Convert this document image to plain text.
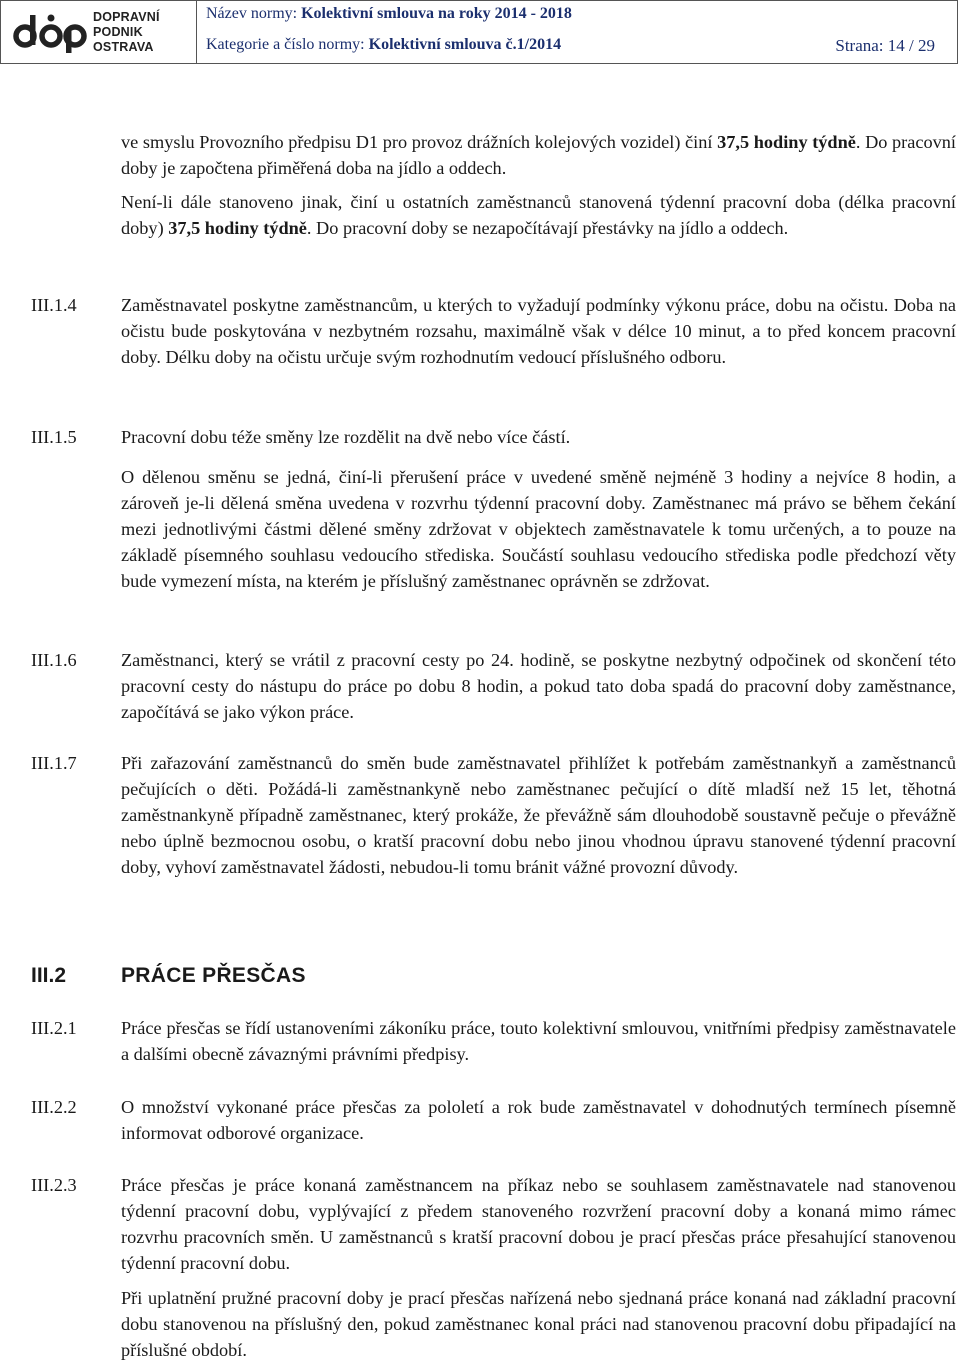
DOPRAVNÍ
PODNIK
OSTRAVA
Název normy: Kolektivní smlouva na roky 2014 - 2018
Kategorie a číslo normy: Kolektivní smlouva č.1/2014	Strana: 14 / 29

ve smyslu Provozního předpisu D1 pro provoz drážních kolejových vozidel) činí 37,5 hodiny týdně. Do pracovní doby je započtena přiměřená doba na jídlo a oddech.

Není-li dále stanoveno jinak, činí u ostatních zaměstnanců stanovená týdenní pracovní doba (délka pracovní doby) 37,5 hodiny týdně. Do pracovní doby se nezapočítávají přestávky na jídlo a oddech.

III.1.4 Zaměstnavatel poskytne zaměstnancům, u kterých to vyžadují podmínky výkonu práce, dobu na očistu. Doba na očistu bude poskytována v nezbytném rozsahu, maximálně však v délce 10 minut, a to před koncem pracovní doby. Délku doby na očistu určuje svým rozhodnutím vedoucí příslušného odboru.

III.1.5 Pracovní dobu téže směny lze rozdělit na dvě nebo více částí.

O dělenou směnu se jedná, činí-li přerušení práce v uvedené směně nejméně 3 hodiny a nejvíce 8 hodin, a zároveň je-li dělená směna uvedena v rozvrhu týdenní pracovní doby. Zaměstnanec má právo se během čekání mezi jednotlivými částmi dělené směny zdržovat v objektech zaměstnavatele k tomu určených, a to pouze na základě písemného souhlasu vedoucího střediska. Součástí souhlasu vedoucího střediska podle předchozí věty bude vymezení místa, na kterém je příslušný zaměstnanec oprávněn se zdržovat.

III.1.6 Zaměstnanci, který se vrátil z pracovní cesty po 24. hodině, se poskytne nezbytný odpočinek od skončení této pracovní cesty do nástupu do práce po dobu 8 hodin, a pokud tato doba spadá do pracovní doby zaměstnance, započítává se jako výkon práce.

III.1.7 Při zařazování zaměstnanců do směn bude zaměstnavatel přihlížet k potřebám zaměstnankyň a zaměstnanců pečujících o děti. Požádá-li zaměstnankyně nebo zaměstnanec pečující o dítě mladší než 15 let, těhotná zaměstnankyně případně zaměstnanec, který prokáže, že převážně sám dlouhodobě soustavně pečuje o převážně nebo úplně bezmocnou osobu, o kratší pracovní dobu nebo jinou vhodnou úpravu stanovené týdenní pracovní doby, vyhoví zaměstnavatel žádosti, nebudou-li tomu bránit vážné provozní důvody.

III.2	PRÁCE PŘESČAS
III.2.1 Práce přesčas se řídí ustanoveními zákoníku práce, touto kolektivní smlouvou, vnitřními předpisy zaměstnavatele a dalšími obecně závaznými právními předpisy.

III.2.2 O množství vykonané práce přesčas za pololetí a rok bude zaměstnavatel v dohodnutých termínech písemně informovat odborové organizace.

III.2.3 Práce přesčas je práce konaná zaměstnancem na příkaz nebo se souhlasem zaměstnavatele nad stanovenou týdenní pracovní dobu, vyplývající z předem stanoveného rozvržení pracovní doby a konaná mimo rámec rozvrhu pracovních směn. U zaměstnanců s kratší pracovní dobou je prací přesčas práce přesahující stanovenou týdenní pracovní dobu.

Při uplatnění pružné pracovní doby je prací přesčas nařízená nebo sjednaná práce konaná nad základní pracovní dobu stanovenou na příslušný den, pokud zaměstnanec konal práci nad stanovenou pracovní dobu připadající na příslušné období.
